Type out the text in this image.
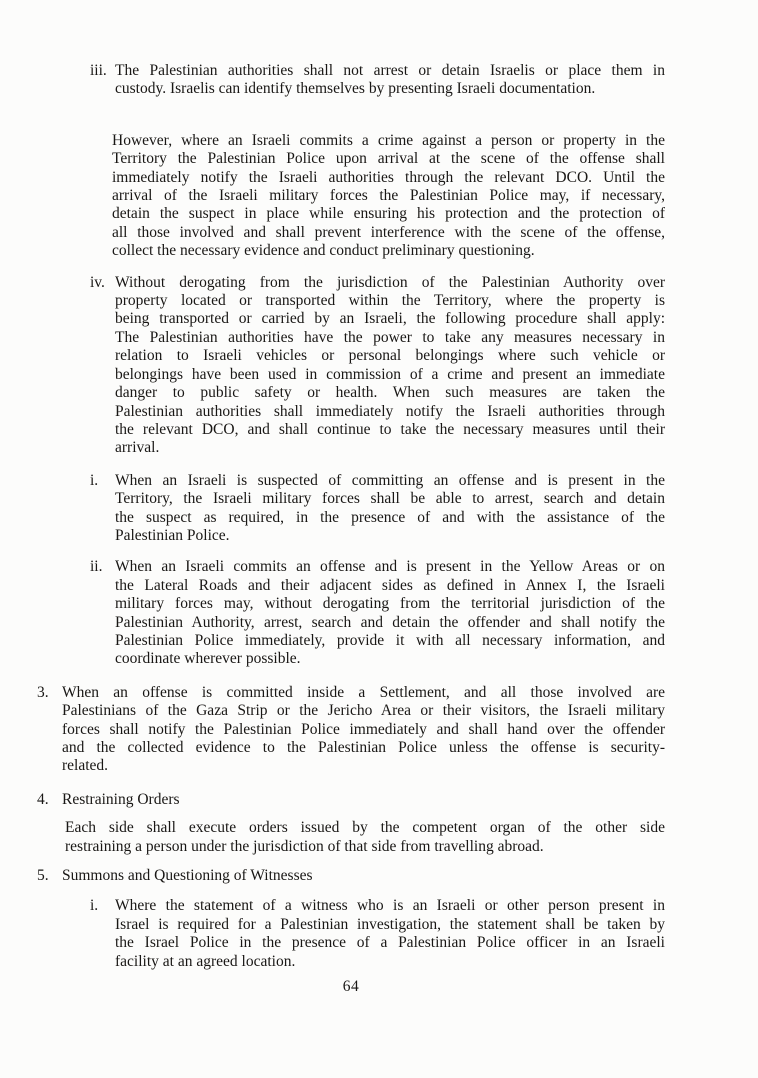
iii. The Palestinian authorities shall not arrest or detain Israelis or place them in
custody. Israelis can identify themselves by presenting Israeli documentation.
However, where an Israeli commits a crime against a person or property in the
Territory the Palestinian Police upon arrival at the scene of the offense shall
immediately notify the Israeli authorities through the relevant DCO. Until the
arrival of the Israeli military forces the Palestinian Police may, if necessary,
detain the suspect in place while ensuring his protection and the protection of
all those involved and shall prevent interference with the scene of the offense,
collect the necessary evidence and conduct preliminary questioning.
iv. Without derogating from the jurisdiction of the Palestinian Authority over
property located or transported within the Territory, where the property is
being transported or carried by an Israeli, the following procedure shall apply:
The Palestinian authorities have the power to take any measures necessary in
relation to Israeli vehicles or personal belongings where such vehicle or
belongings have been used in commission of a crime and present an immediate
danger to public safety or health. When such measures are taken the
Palestinian authorities shall immediately notify the Israeli authorities through
the relevant DCO, and shall continue to take the necessary measures until their
arrival.
i. When an Israeli is suspected of committing an offense and is present in the
Territory, the Israeli military forces shall be able to arrest, search and detain
the suspect as required, in the presence of and with the assistance of the
Palestinian Police.
ii. When an Israeli commits an offense and is present in the Yellow Areas or on
the Lateral Roads and their adjacent sides as defined in Annex I, the Israeli
military forces may, without derogating from the territorial jurisdiction of the
Palestinian Authority, arrest, search and detain the offender and shall notify the
Palestinian Police immediately, provide it with all necessary information, and
coordinate wherever possible.
3. When an offense is committed inside a Settlement, and all those involved are
Palestinians of the Gaza Strip or the Jericho Area or their visitors, the Israeli military
forces shall notify the Palestinian Police immediately and shall hand over the offender
and the collected evidence to the Palestinian Police unless the offense is security-
related.
4. Restraining Orders
Each side shall execute orders issued by the competent organ of the other side
restraining a person under the jurisdiction of that side from travelling abroad.
5. Summons and Questioning of Witnesses
i. Where the statement of a witness who is an Israeli or other person present in
Israel is required for a Palestinian investigation, the statement shall be taken by
the Israel Police in the presence of a Palestinian Police officer in an Israeli
facility at an agreed location.
64
